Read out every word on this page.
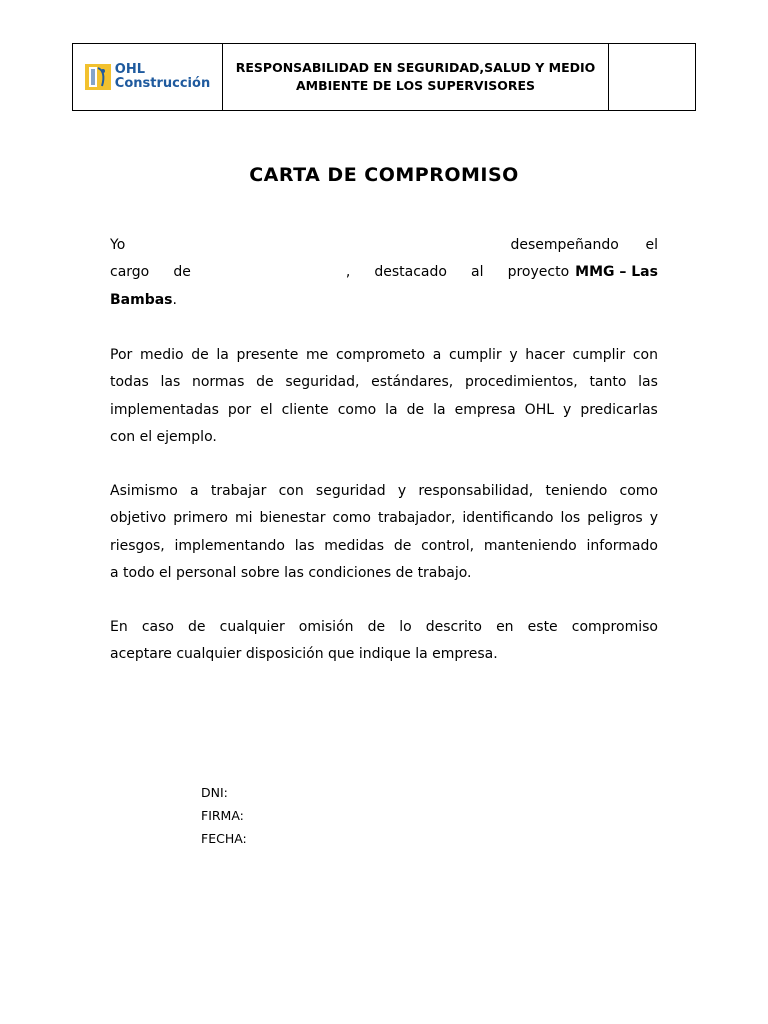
OHL
Construcción
RESPONSABILIDAD EN SEGURIDAD,SALUD Y MEDIO
AMBIENTE DE LOS SUPERVISORES
CARTA DE COMPROMISO
Yo	desempeñando el
cargo de	, destacado al proyecto MMG – Las
Bambas .
Por medio de la presente me comprometo a cumplir y hacer cumplir con
todas las normas de seguridad, estándares, procedimientos, tanto las
implementadas por el cliente como la de la empresa OHL y predicarlas
con el ejemplo.
Asimismo a trabajar con seguridad y responsabilidad, teniendo como
objetivo primero mi bienestar como trabajador, identificando los peligros y
riesgos, implementando las medidas de control, manteniendo informado
a todo el personal sobre las condiciones de trabajo.
En caso de cualquier omisión de lo descrito en este compromiso
aceptare cualquier disposición que indique la empresa.
DNI:
FIRMA:
FECHA:
